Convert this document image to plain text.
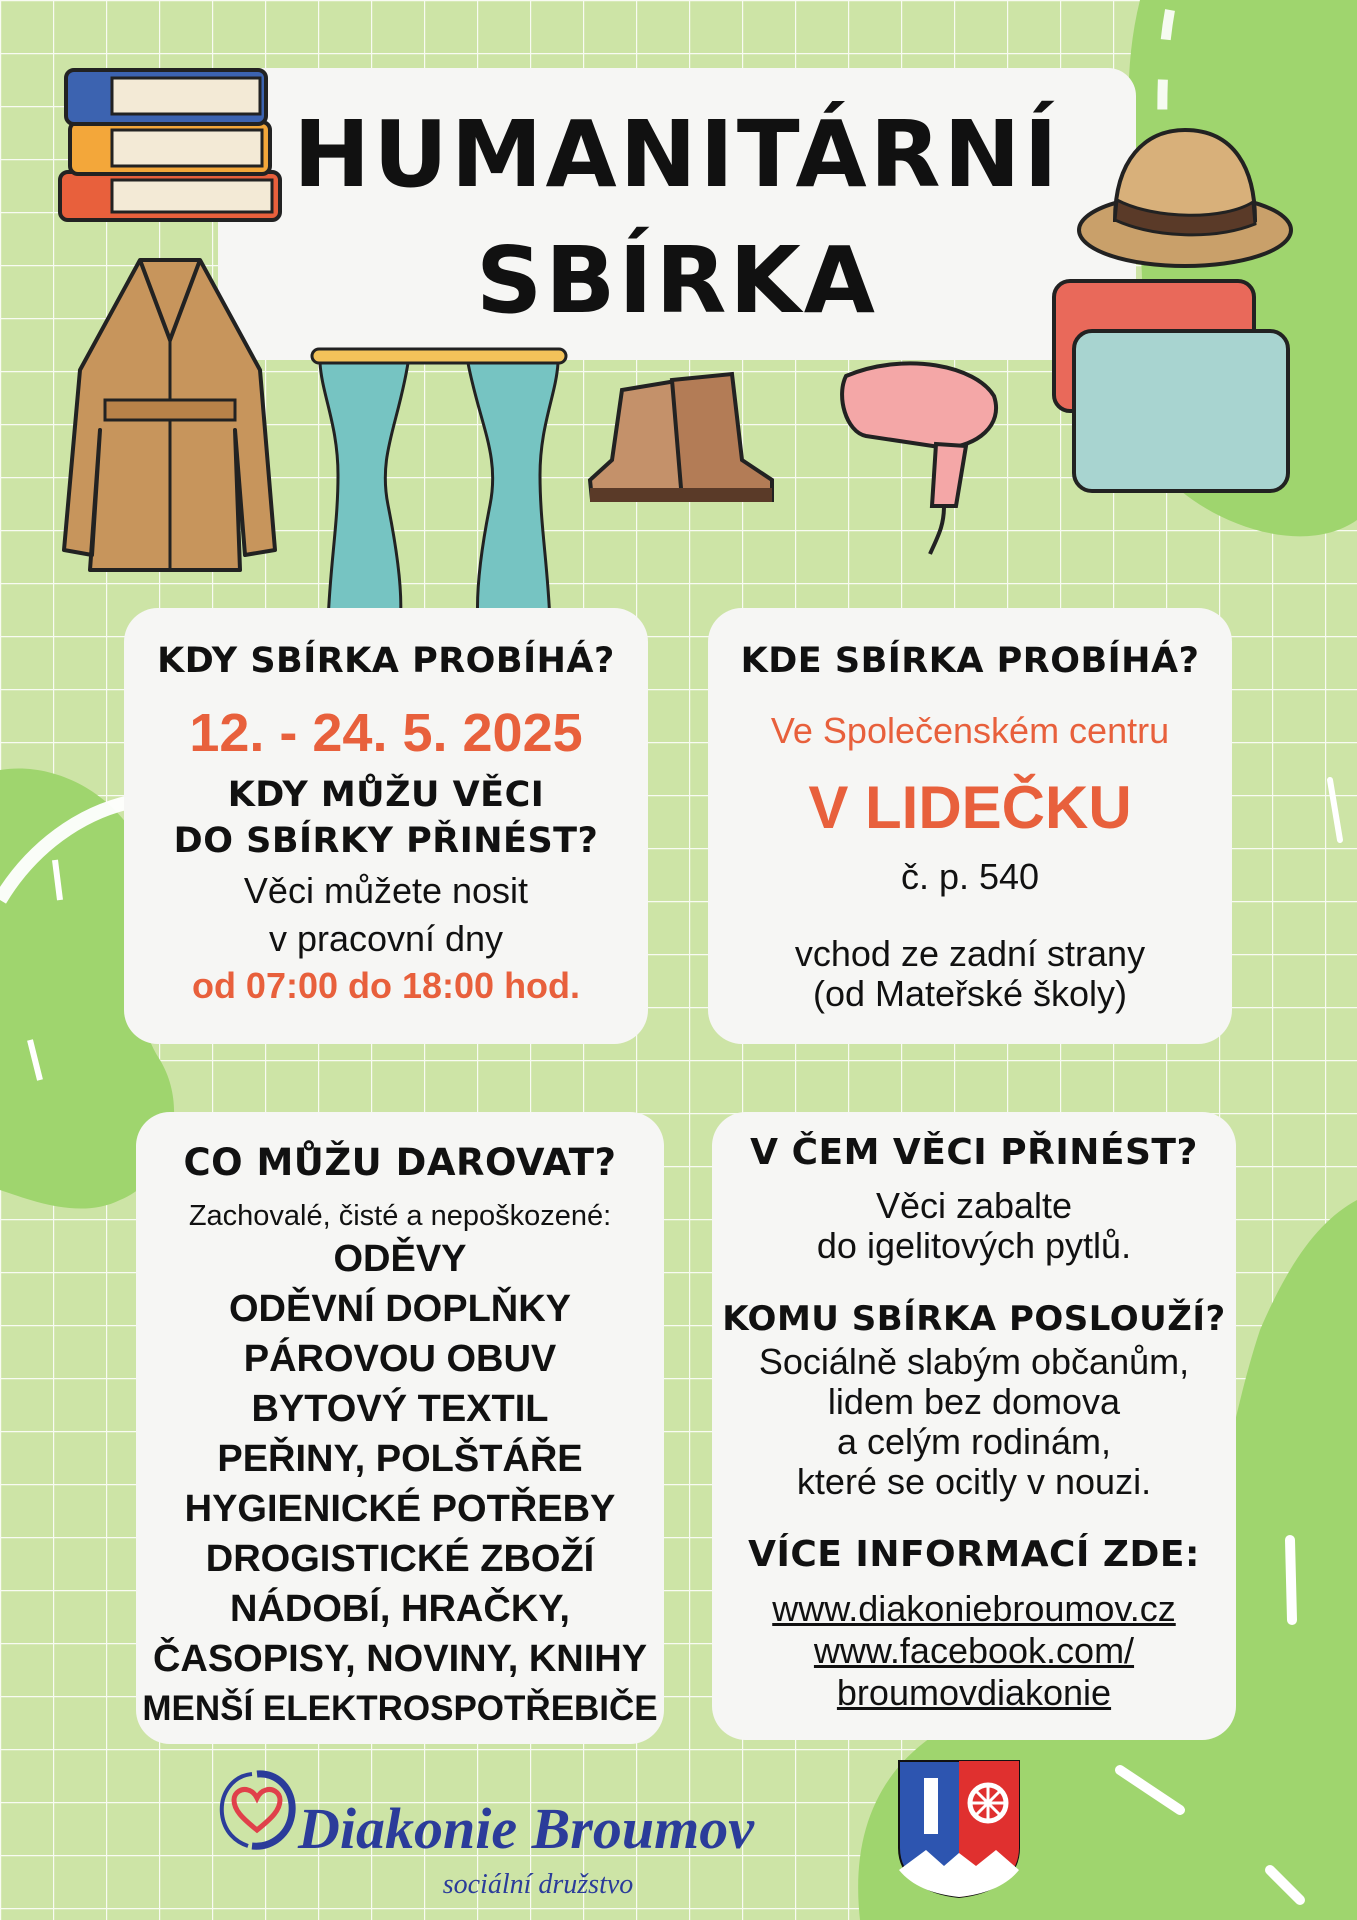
HUMANITÁRNÍ
SBÍRKA
KDY SBÍRKA PROBÍHÁ?
12. - 24. 5. 2025
KDY MŮŽU VĚCI
DO SBÍRKY PŘINÉST?
Věci můžete nosit
v pracovní dny
od 07:00 do 18:00 hod.
KDE SBÍRKA PROBÍHÁ?
Ve Společenském centru
V LIDEČKU
č. p. 540
vchod ze zadní strany
(od Mateřské školy)
CO MŮŽU DAROVAT?
Zachovalé, čisté a nepoškozené:
ODĚVY
ODĚVNÍ DOPLŇKY
PÁROVOU OBUV
BYTOVÝ TEXTIL
PEŘINY, POLŠTÁŘE
HYGIENICKÉ POTŘEBY
DROGISTICKÉ ZBOŽÍ
NÁDOBÍ, HRAČKY,
ČASOPISY, NOVINY, KNIHY
MENŠÍ ELEKTROSPOTŘEBIČE
V ČEM VĚCI PŘINÉST?
Věci zabalte
do igelitových pytlů.
KOMU SBÍRKA POSLOUŽÍ?
Sociálně slabým občanům,
lidem bez domova
a celým rodinám,
které se ocitly v nouzi.
VÍCE INFORMACÍ ZDE:
www.diakoniebroumov.cz
www.facebook.com/
broumovdiakonie
Diakonie Broumov
sociální družstvo
